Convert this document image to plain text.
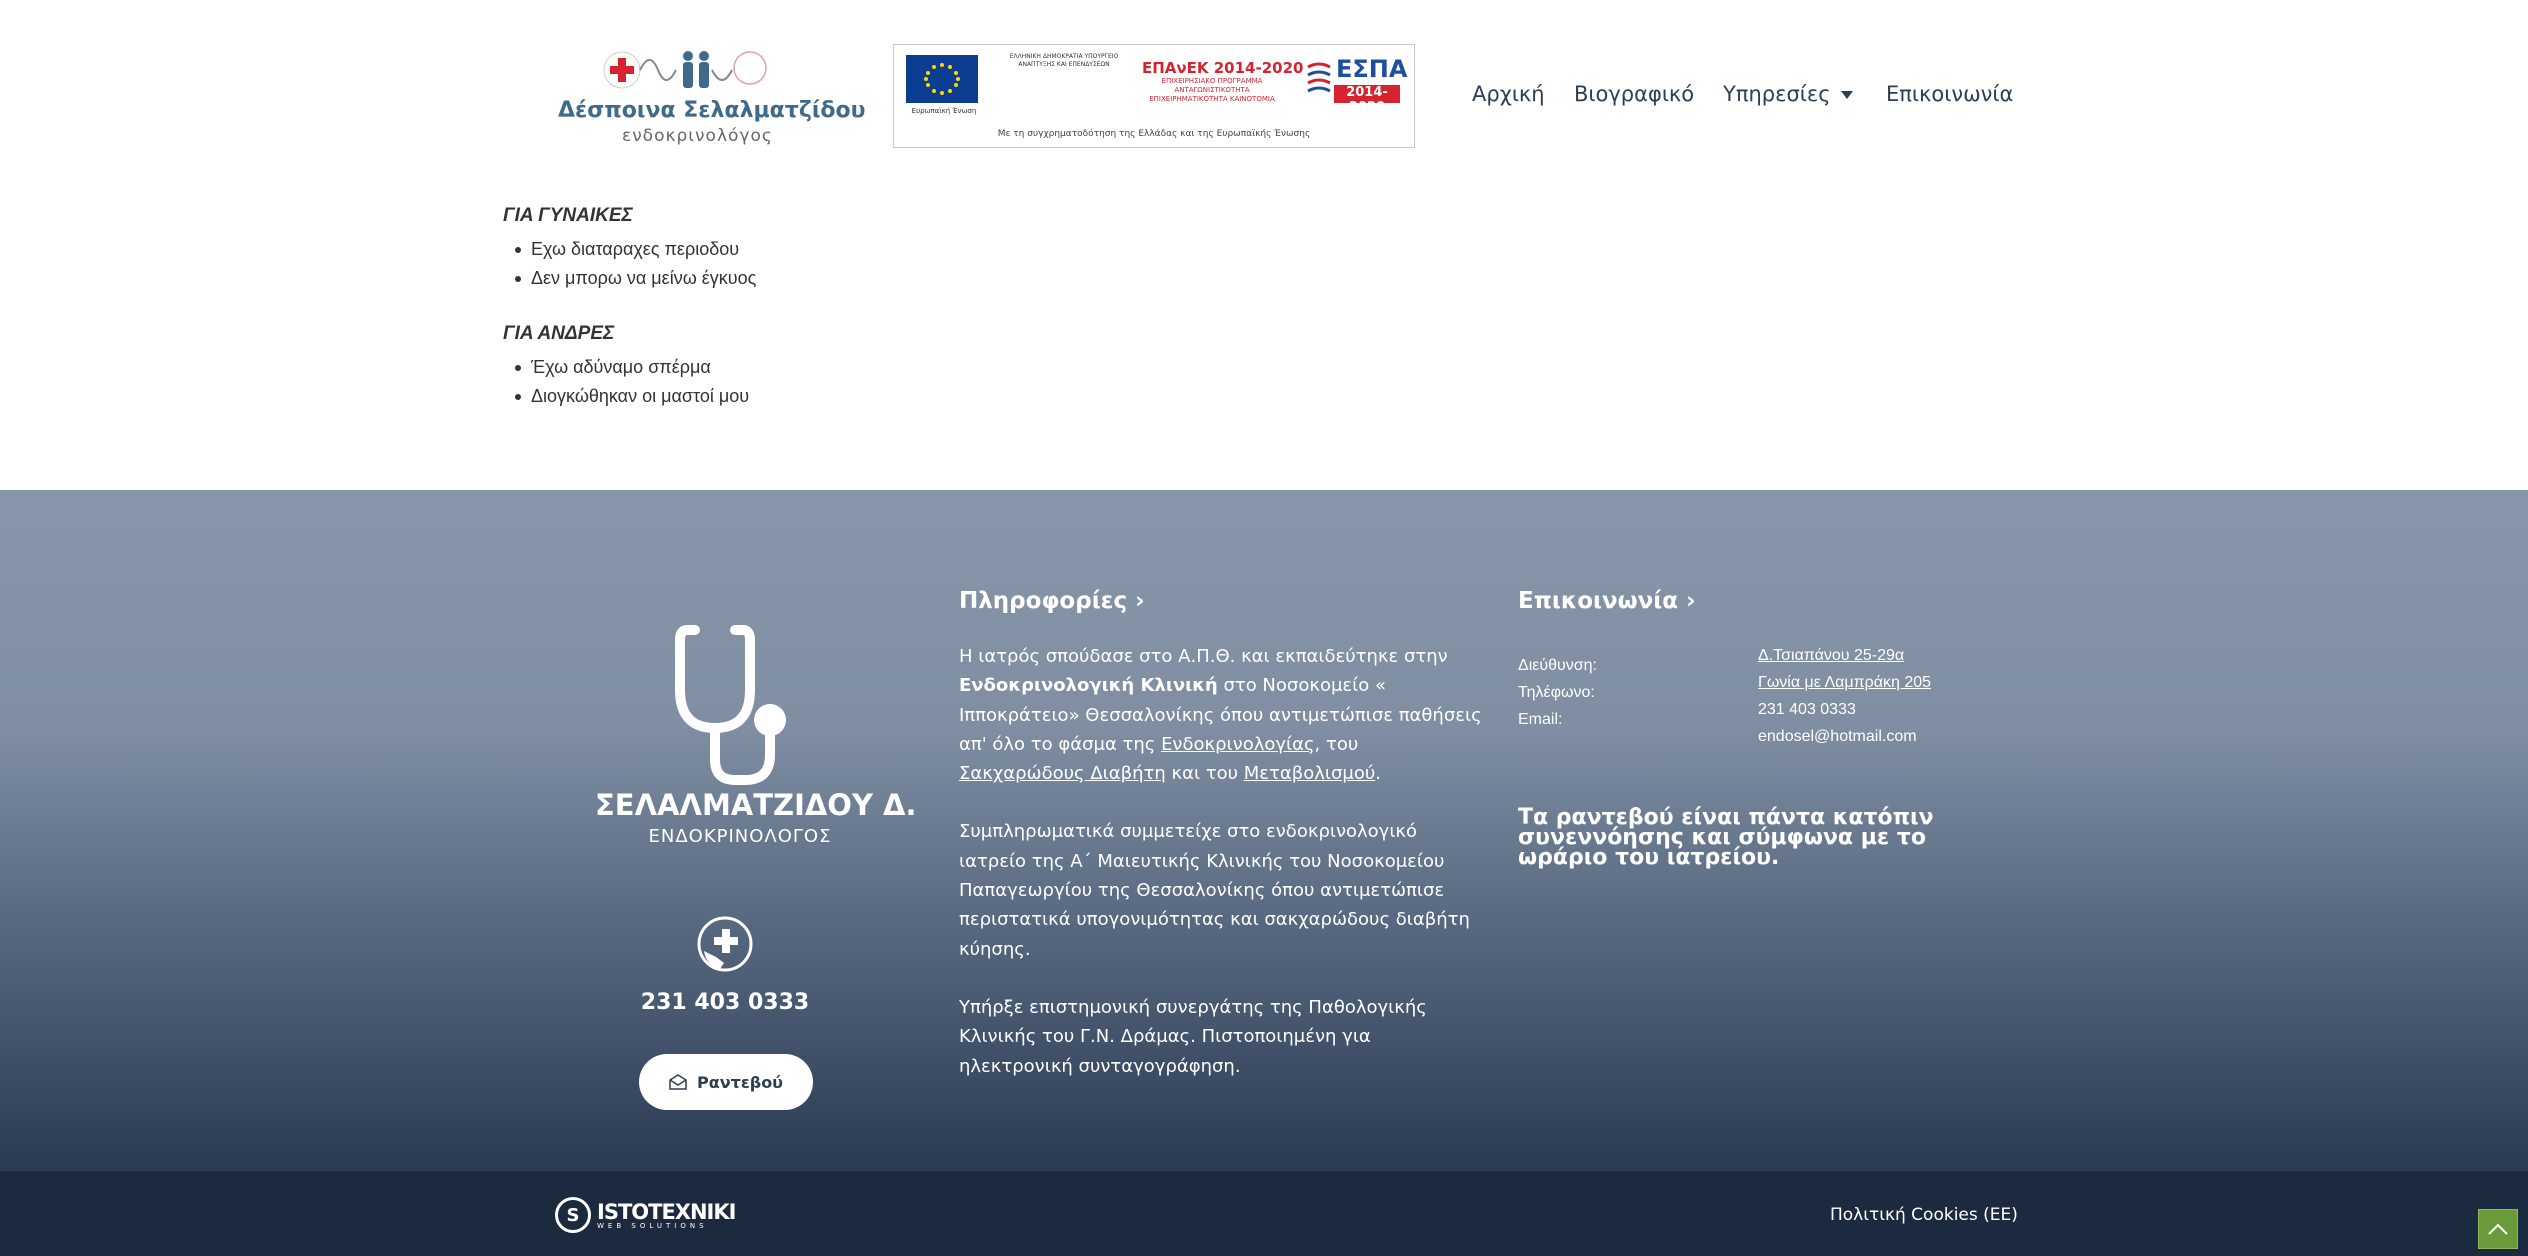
Δέσποινα Σελαλματζίδου
ενδοκρινολόγος
Ευρωπαϊκή Ένωση
ΕΛΛΗΝΙΚΗ ΔΗΜΟΚΡΑΤΙΑ ΥΠΟΥΡΓΕΙΟ ΑΝΑΠΤΥΞΗΣ ΚΑΙ ΕΠΕΝΔΥΣΕΩΝ	ΕΠΑνΕΚ 2014-2020
ΕΠΙΧΕΙΡΗΣΙΑΚΟ ΠΡΟΓΡΑΜΜΑ ΑΝΤΑΓΩΝΙΣΤΙΚΟΤΗΤΑ ΕΠΙΧΕΙΡΗΜΑΤΙΚΟΤΗΤΑ ΚΑΙΝΟΤΟΜΙΑ
ΕΣΠΑ
2014-2020
Με τη συγχρηματοδότηση της Ελλάδας και της Ευρωπαϊκής Ένωσης
Αρχική Βιογραφικό Υπηρεσίες	Επικοινωνία
ΓΙΑ ΓΥΝΑΙΚΕΣ
Εχω διαταραχες περιοδου
Δεν μπορω να μείνω έγκυος
ΓΙΑ ΑΝΔΡΕΣ
Έχω αδύναμο σπέρμα
Διογκώθηκαν οι μαστοί μου
ΣΕΛΑΛΜΑΤΖΙΔΟΥ Δ.
ΕΝΔΟΚΡΙΝΟΛΟΓΟΣ
231 403 0333
Ραντεβού
Πληροφορίες ›

Η ιατρός σπούδασε στο Α.Π.Θ. και εκπαιδεύτηκε στην Ενδοκρινολογική Κλινική στο Νοσοκομείο « Ιπποκράτειο» Θεσσαλονίκης όπου αντιμετώπισε παθήσεις απ' όλο το φάσμα της Ενδοκρινολογίας, του Σακχαρώδους Διαβήτη και του Μεταβολισμού.

Συμπληρωματικά συμμετείχε στο ενδοκρινολογικό ιατρείο της Α΄ Μαιευτικής Κλινικής του Νοσοκομείου Παπαγεωργίου της Θεσσαλονίκης όπου αντιμετώπισε περιστατικά υπογονιμότητας και σακχαρώδους διαβήτη κύησης.

Υπήρξε επιστημονική συνεργάτης της Παθολογικής Κλινικής του Γ.Ν. Δράμας. Πιστοποιημένη για ηλεκτρονική συνταγογράφηση.

Επικοινωνία ›
Διεύθυνση:
Τηλέφωνο:
Email:
Δ.Τσιαπάνου 25-29α
Γωνία με Λαμπράκη 205
231 403 0333
endosel@hotmail.com
Τα ραντεβού είναι πάντα κατόπιν συνεννόησης και σύμφωνα με το ωράριο του ιατρείου.
S ISTOTEXNIKI
WEB SOLUTIONS
Πολιτική Cookies (ΕΕ)
